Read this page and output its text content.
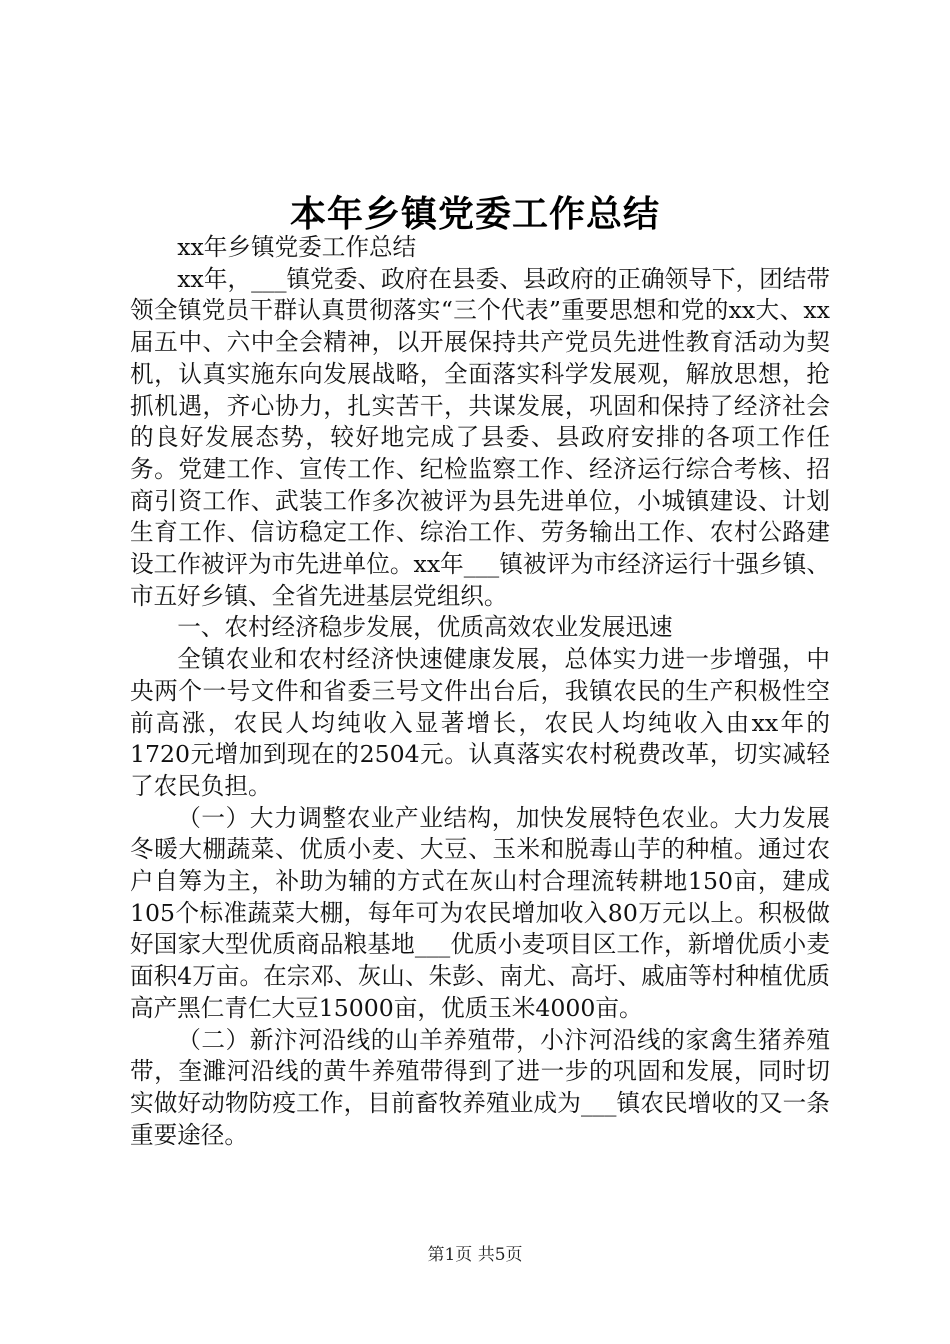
本年乡镇党委工作总结

xx年乡镇党委工作总结

xx年，___镇党委、政府在县委、县政府的正确领导下，团结带领全镇党员干群认真贯彻落实“三个代表”重要思想和党的xx大、xx届五中、六中全会精神，以开展保持共产党员先进性教育活动为契机，认真实施东向发展战略，全面落实科学发展观，解放思想，抢抓机遇，齐心协力，扎实苦干，共谋发展，巩固和保持了经济社会的良好发展态势，较好地完成了县委、县政府安排的各项工作任务。党建工作、宣传工作、纪检监察工作、经济运行综合考核、招商引资工作、武装工作多次被评为县先进单位，小城镇建设、计划生育工作、信访稳定工作、综治工作、劳务输出工作、农村公路建设工作被评为市先进单位。xx年___镇被评为市经济运行十强乡镇、市五好乡镇、全省先进基层党组织。

一、农村经济稳步发展，优质高效农业发展迅速

全镇农业和农村经济快速健康发展，总体实力进一步增强，中央两个一号文件和省委三号文件出台后，我镇农民的生产积极性空前高涨，农民人均纯收入显著增长，农民人均纯收入由xx年的1720元增加到现在的2504元。认真落实农村税费改革，切实减轻了农民负担。

（一）大力调整农业产业结构，加快发展特色农业。大力发展冬暖大棚蔬菜、优质小麦、大豆、玉米和脱毒山芋的种植。通过农户自筹为主，补助为辅的方式在灰山村合理流转耕地150亩，建成105个标准蔬菜大棚，每年可为农民增加收入80万元以上。积极做好国家大型优质商品粮基地___优质小麦项目区工作，新增优质小麦面积4万亩。在宗邓、灰山、朱彭、南尤、高圩、戚庙等村种植优质高产黑仁青仁大豆15000亩，优质玉米4000亩。

（二）新汴河沿线的山羊养殖带，小汴河沿线的家禽生猪养殖带，奎濉河沿线的黄牛养殖带得到了进一步的巩固和发展，同时切实做好动物防疫工作，目前畜牧养殖业成为___镇农民增收的又一条重要途径。

第1页 共5页
